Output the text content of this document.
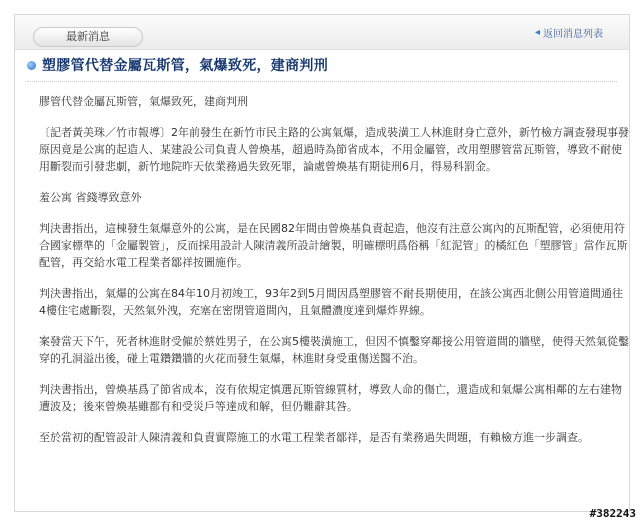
最新消息	◂ 返回消息列表
塑膠管代替金屬瓦斯管，氣爆致死，建商判刑

膠管代替金屬瓦斯管，氣爆致死，建商判刑

〔記者黃美珠／竹市報導〕2年前發生在新竹市民主路的公寓氣爆，造成裝潢工人林進財身亡意外，新竹檢方調查發現事發原因竟是公寓的起造人、某建設公司負責人曾煥基，超過時為節省成本，不用金屬管，改用塑膠管當瓦斯管，導致不耐使用斷裂而引發悲劇，新竹地院昨天依業務過失致死罪，論處曾煥基有期徒刑6月，得易科罰金。

羞公寓 省錢導致意外

判決書指出，這棟發生氣爆意外的公寓，是在民國82年間由曾煥基負責起造，他沒有注意公寓內的瓦斯配管，必須使用符合國家標準的「金屬製管」，反而採用設計人陳清義所設計繪製，明確標明爲俗稱「紅泥管」的橘紅色「塑膠管」當作瓦斯配管，再交給水電工程業者鄒祥按圖施作。

判決書指出，氣爆的公寓在84年10月初竣工，93年2到5月間因爲塑膠管不耐長期使用，在該公寓西北側公用管道間通往4樓住宅處斷裂，天然氣外洩，充塞在密閉管道間內，且氣體濃度達到爆炸界線。

案發當天下午，死者林進財受僱於蔡姓男子，在公寓5樓裝潢施工，但因不慎鑿穿鄰接公用管道間的牆壁，使得天然氣從鑿穿的孔洞溢出後，碰上電鑽鑽牆的火花而發生氣爆，林進財身受重傷送醫不治。

判決書指出，曾煥基爲了節省成本，沒有依規定慎選瓦斯管線質材，導致人命的傷亡，還造成和氣爆公寓相鄰的左右建物遭波及；後來曾煥基雖都有和受災戶等達成和解，但仍難辭其咎。

至於當初的配管設計人陳清義和負責實際施工的水電工程業者鄒祥，是否有業務過失問題，有賴檢方進一步調查。

#382243
